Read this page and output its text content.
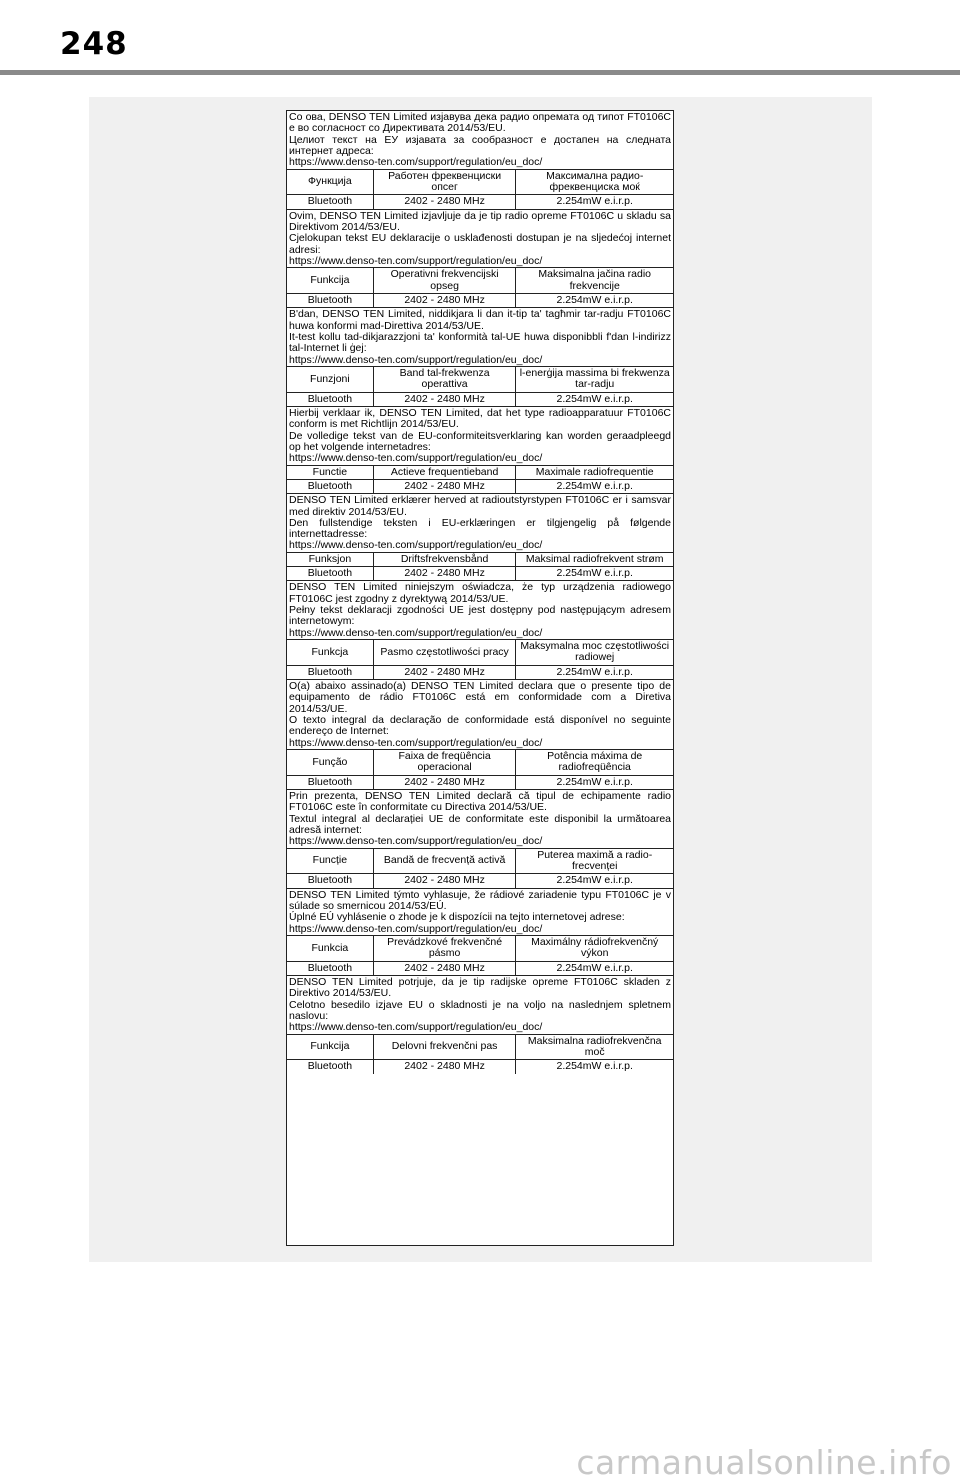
248
Со ова, DENSO TEN Limited изјавува дека радио опремата од типот FT0106C е во согласност со Директивата 2014/53/EU.
Целиот текст на ЕУ изјавата за сообразност е достапен на следната интернет адреса:
https://www.denso-ten.com/support/regulation/eu_doc/
Функција	Работен фреквенциски опсег	Максимална радио-фреквенциска моќ
Bluetooth	2402 - 2480 MHz	2.254mW e.i.r.p.
Ovim, DENSO TEN Limited izjavljuje da je tip radio opreme FT0106C u skladu sa Direktivom 2014/53/EU.
Cjelokupan tekst EU deklaracije o usklađenosti dostupan je na sljedećoj internet adresi:
https://www.denso-ten.com/support/regulation/eu_doc/
Funkcija	Operativni frekvencijski opseg	Maksimalna jačina radio frekvencije
Bluetooth	2402 - 2480 MHz	2.254mW e.i.r.p.
B'dan, DENSO TEN Limited, niddikjara li dan it-tip ta' tagħmir tar-radju FT0106C huwa konformi mad-Direttiva 2014/53/UE.
It-test kollu tad-dikjarazzjoni ta' konformità tal-UE huwa disponibbli f'dan l-indirizz tal-Internet li ġej:
https://www.denso-ten.com/support/regulation/eu_doc/
Funzjoni	Band tal-frekwenza operattiva	l-enerġija massima bi frekwenza tar-radju
Bluetooth	2402 - 2480 MHz	2.254mW e.i.r.p.
Hierbij verklaar ik, DENSO TEN Limited, dat het type radioapparatuur FT0106C conform is met Richtlijn 2014/53/EU.
De volledige tekst van de EU-conformiteitsverklaring kan worden geraadpleegd op het volgende internetadres:
https://www.denso-ten.com/support/regulation/eu_doc/
Functie	Actieve frequentieband	Maximale radiofrequentie
Bluetooth	2402 - 2480 MHz	2.254mW e.i.r.p.
DENSO TEN Limited erklærer herved at radioutstyrstypen FT0106C er i samsvar med direktiv 2014/53/EU.
Den fullstendige teksten i EU-erklæringen er tilgjengelig på følgende internettadresse:
https://www.denso-ten.com/support/regulation/eu_doc/
Funksjon	Driftsfrekvensbånd	Maksimal radiofrekvent strøm
Bluetooth	2402 - 2480 MHz	2.254mW e.i.r.p.
DENSO TEN Limited niniejszym oświadcza, że typ urządzenia radiowego FT0106C jest zgodny z dyrektywą 2014/53/UE.
Pełny tekst deklaracji zgodności UE jest dostępny pod następującym adresem internetowym:
https://www.denso-ten.com/support/regulation/eu_doc/
Funkcja	Pasmo częstotliwości pracy	Maksymalna moc częstotliwości radiowej
Bluetooth	2402 - 2480 MHz	2.254mW e.i.r.p.
O(a) abaixo assinado(a) DENSO TEN Limited declara que o presente tipo de equipamento de rádio FT0106C está em conformidade com a Diretiva 2014/53/UE.
O texto integral da declaração de conformidade está disponível no seguinte endereço de Internet:
https://www.denso-ten.com/support/regulation/eu_doc/
Função	Faixa de freqüência operacional	Potência máxima de radiofreqüência
Bluetooth	2402 - 2480 MHz	2.254mW e.i.r.p.
Prin prezenta, DENSO TEN Limited declară că tipul de echipamente radio FT0106C este în conformitate cu Directiva 2014/53/UE.
Textul integral al declarației UE de conformitate este disponibil la următoarea adresă internet:
https://www.denso-ten.com/support/regulation/eu_doc/
Funcție	Bandă de frecvență activă	Puterea maximă a radio-frecvenței
Bluetooth	2402 - 2480 MHz	2.254mW e.i.r.p.
DENSO TEN Limited týmto vyhlasuje, že rádiové zariadenie typu FT0106C je v súlade so smernicou 2014/53/EÚ.
Úplné EÚ vyhlásenie o zhode je k dispozícii na tejto internetovej adrese:
https://www.denso-ten.com/support/regulation/eu_doc/
Funkcia	Prevádzkové frekvenčné pásmo	Maximálny rádiofrekvenčný výkon
Bluetooth	2402 - 2480 MHz	2.254mW e.i.r.p.
DENSO TEN Limited potrjuje, da je tip radijske opreme FT0106C skladen z Direktivo 2014/53/EU.
Celotno besedilo izjave EU o skladnosti je na voljo na naslednjem spletnem naslovu:
https://www.denso-ten.com/support/regulation/eu_doc/
Funkcija	Delovni frekvenčni pas	Maksimalna radiofrekvenčna moč
Bluetooth	2402 - 2480 MHz	2.254mW e.i.r.p.
carmanualsonline.info
